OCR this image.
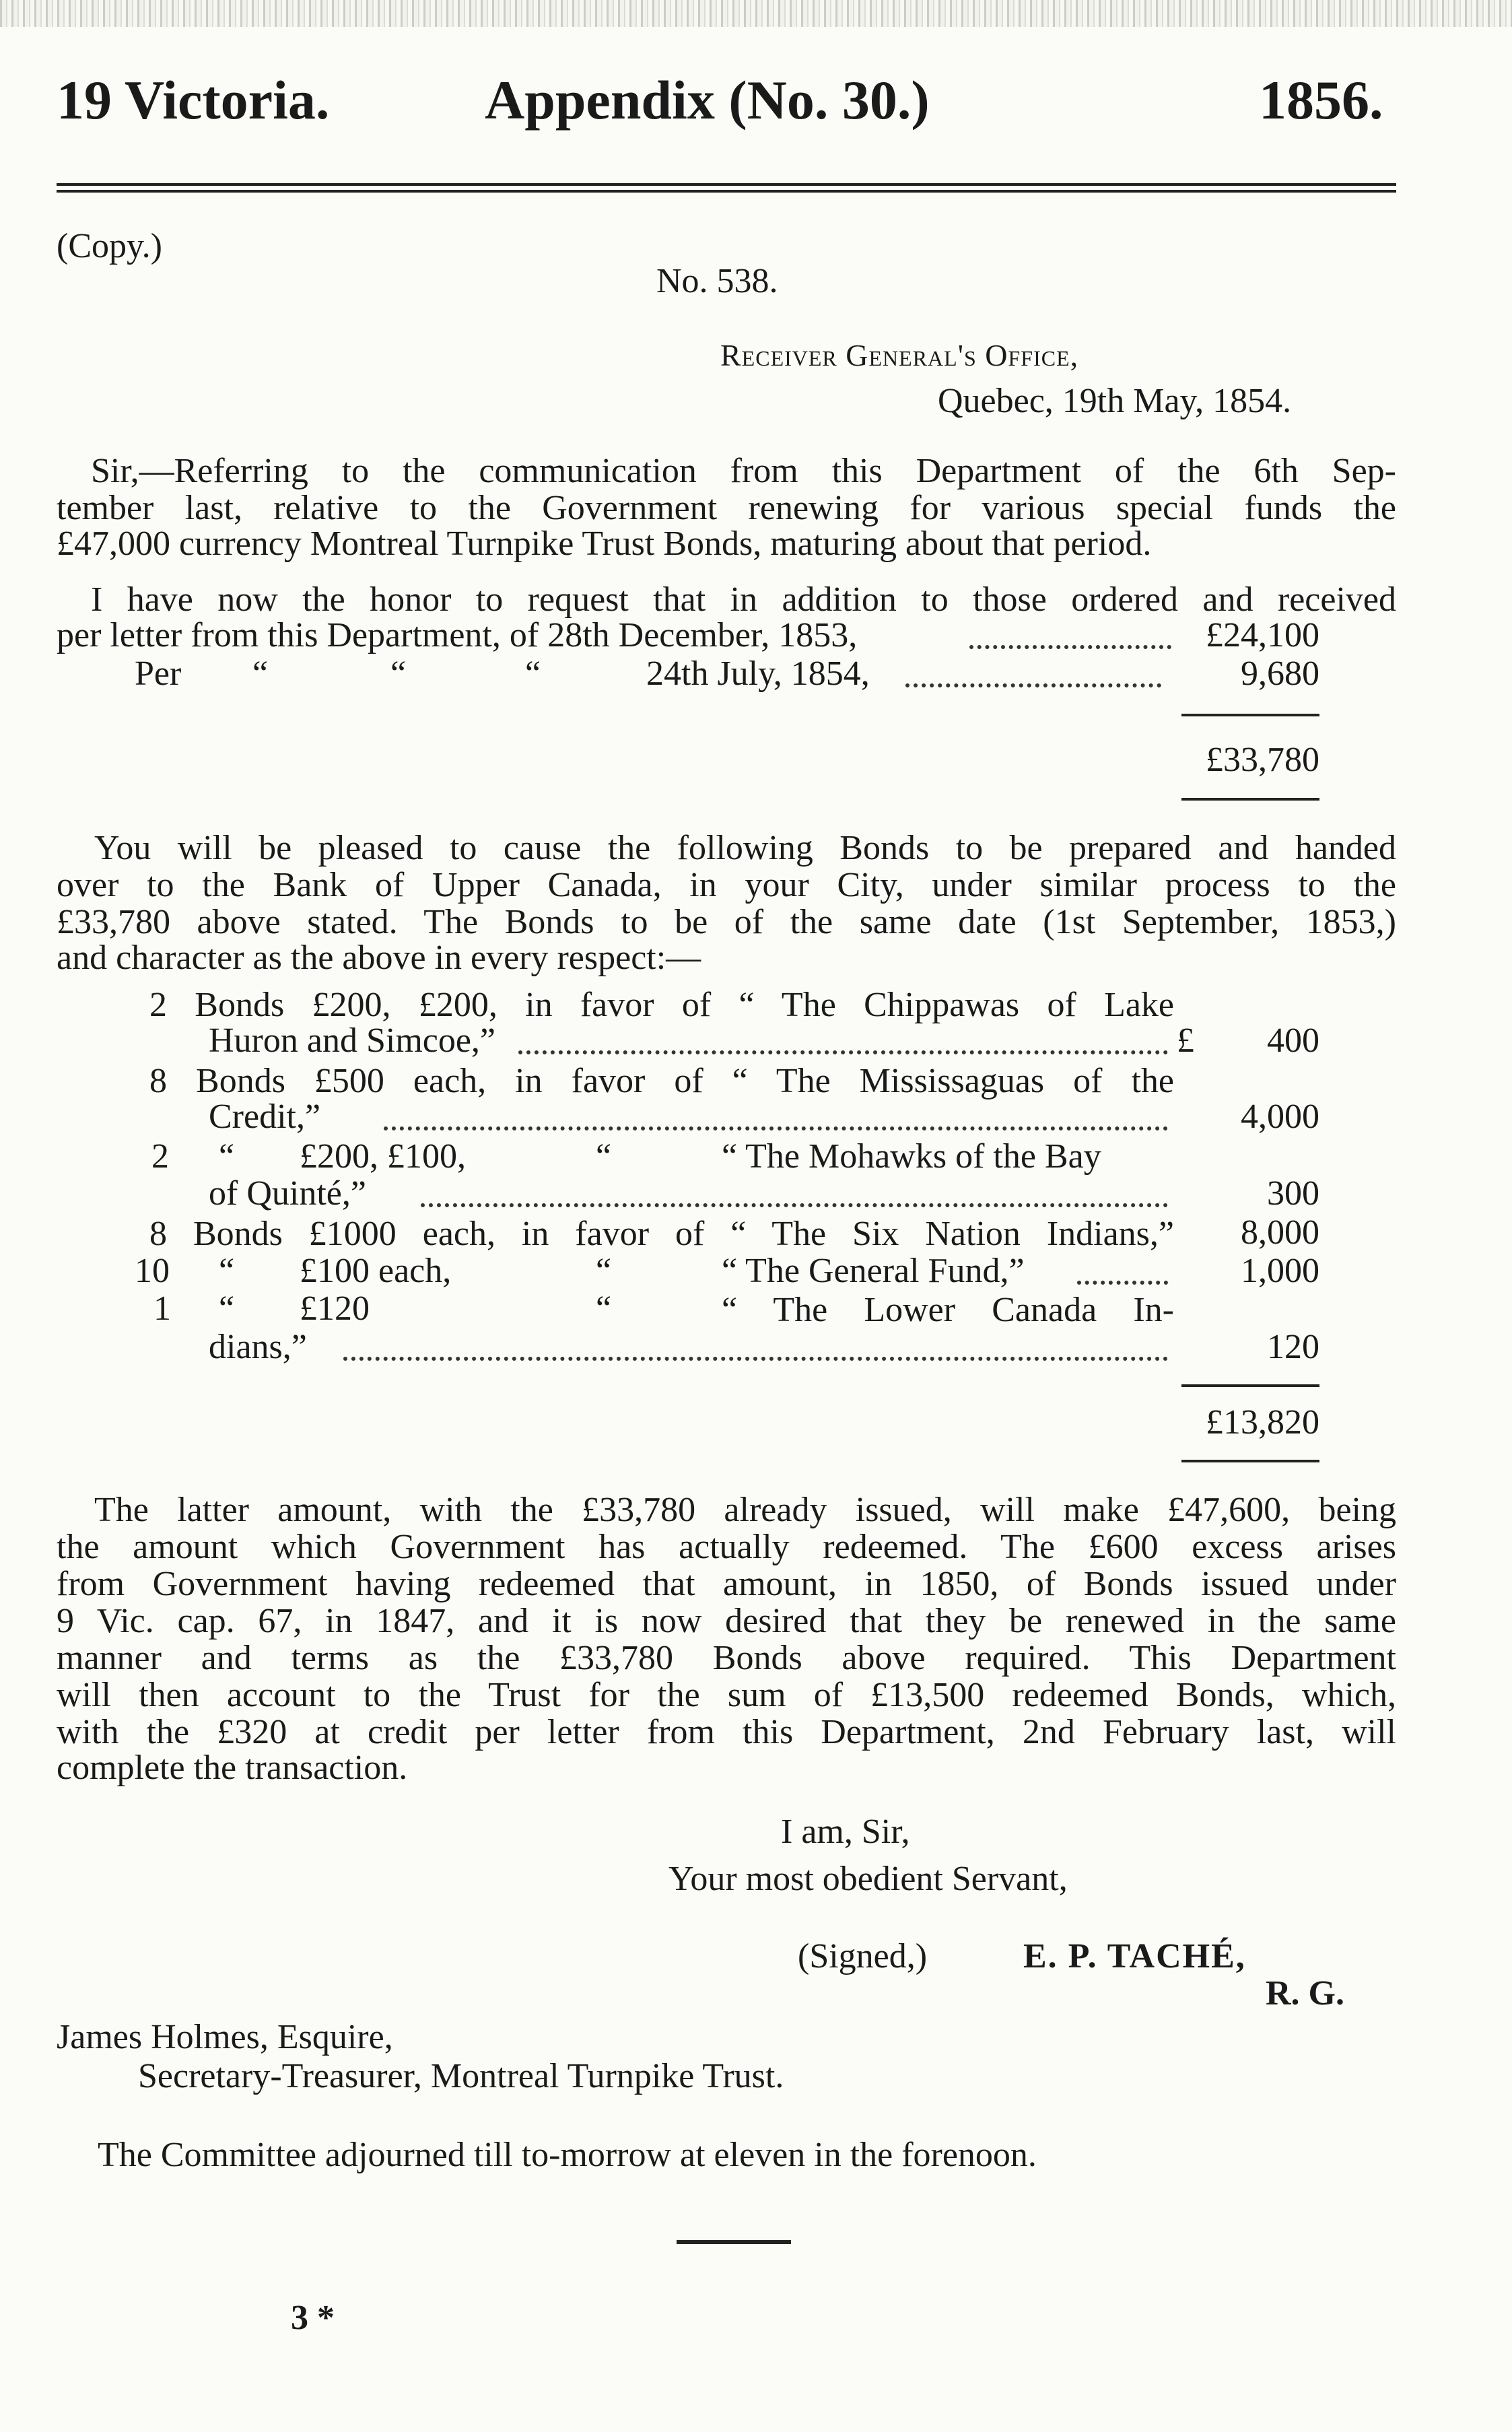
19 Victoria.	Appendix (No. 30.)	1856.
(Copy.)
No. 538.
Receiver General's Office,
Quebec, 19th May, 1854.
Sir,—Referring to the communication from this Department of the 6th Sep-
tember last, relative to the Government renewing for various special funds the
£47,000 currency Montreal Turnpike Trust Bonds, maturing about that period.
I have now the honor to request that in addition to those ordered and received
per letter from this Department, of 28th December, 1853,	£24,100
Per “	“	“	24th July, 1854,	9,680
£33,780
You will be pleased to cause the following Bonds to be prepared and handed
over to the Bank of Upper Canada, in your City, under similar process to the
£33,780 above stated. The Bonds to be of the same date (1st September, 1853,)
and character as the above in every respect:—
2 Bonds £200, £200, in favor of “ The Chippawas of Lake
Huron and Simcoe,”	£	400
8 Bonds £500 each, in favor of “ The Mississaguas of the
Credit,”	4,000
2 “ £200, £100,	“	“ The Mohawks of the Bay
of Quinté,”	300
8 Bonds £1000 each, in favor of “ The Six Nation Indians,”	8,000
10 “ £100 each,	“	“ The General Fund,”	1,000
1 “ £120	“	“ The Lower Canada In-
dians,”	120
£13,820
The latter amount, with the £33,780 already issued, will make £47,600, being
the amount which Government has actually redeemed. The £600 excess arises
from Government having redeemed that amount, in 1850, of Bonds issued under
9 Vic. cap. 67, in 1847, and it is now desired that they be renewed in the same
manner and terms as the £33,780 Bonds above required. This Department
will then account to the Trust for the sum of £13,500 redeemed Bonds, which,
with the £320 at credit per letter from this Department, 2nd February last, will
complete the transaction.
I am, Sir,
Your most obedient Servant,
(Signed,)	E. P. TACHÉ,
R. G.
James Holmes, Esquire,
Secretary-Treasurer, Montreal Turnpike Trust.
The Committee adjourned till to-morrow at eleven in the forenoon.
3 *
